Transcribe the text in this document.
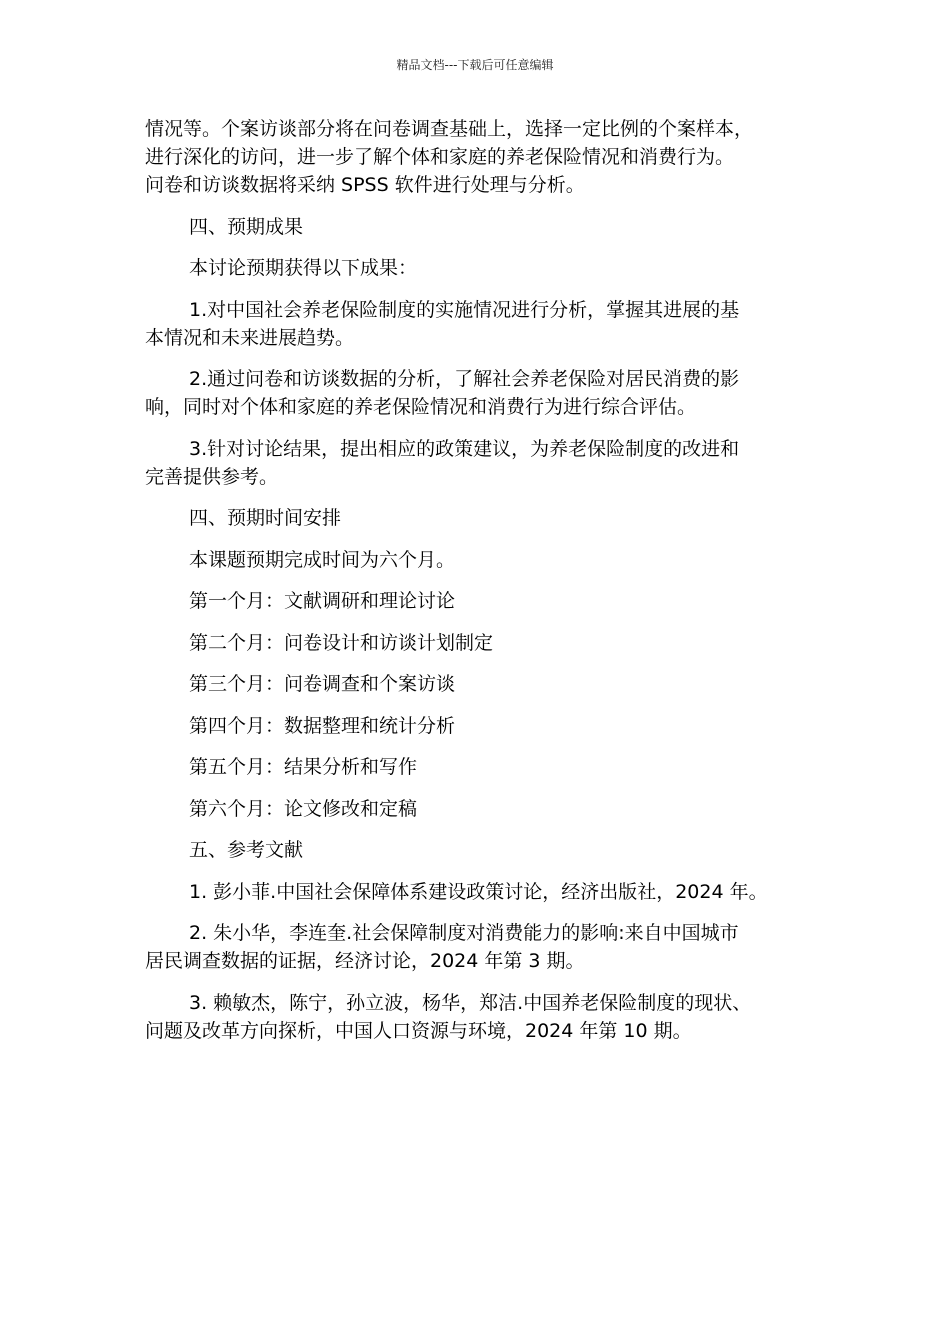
精品文档---下载后可任意编辑

情况等。个案访谈部分将在问卷调查基础上，选择一定比例的个案样本，
进行深化的访问，进一步了解个体和家庭的养老保险情况和消费行为。
问卷和访谈数据将采纳 SPSS 软件进行处理与分析。

四、预期成果

本讨论预期获得以下成果：

1.对中国社会养老保险制度的实施情况进行分析，掌握其进展的基
本情况和未来进展趋势。

2.通过问卷和访谈数据的分析，了解社会养老保险对居民消费的影
响，同时对个体和家庭的养老保险情况和消费行为进行综合评估。

3.针对讨论结果，提出相应的政策建议，为养老保险制度的改进和
完善提供参考。

四、预期时间安排

本课题预期完成时间为六个月。

第一个月：文献调研和理论讨论

第二个月：问卷设计和访谈计划制定

第三个月：问卷调查和个案访谈

第四个月：数据整理和统计分析

第五个月：结果分析和写作

第六个月：论文修改和定稿

五、参考文献

1. 彭小菲.中国社会保障体系建设政策讨论，经济出版社，2024 年。

2. 朱小华，李连奎.社会保障制度对消费能力的影响:来自中国城市
居民调查数据的证据，经济讨论，2024 年第 3 期。

3. 赖敏杰，陈宁，孙立波，杨华，郑洁.中国养老保险制度的现状、
问题及改革方向探析，中国人口资源与环境，2024 年第 10 期。
